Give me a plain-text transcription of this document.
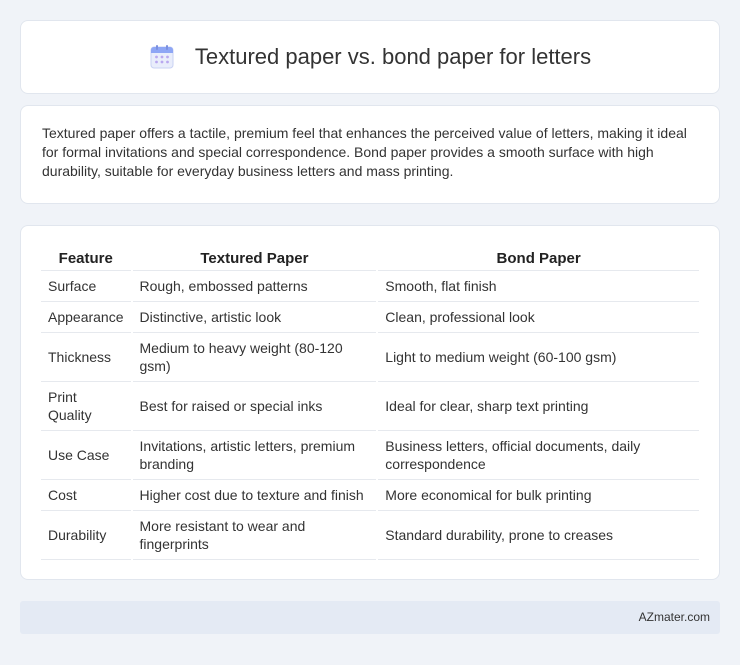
Textured paper vs. bond paper for letters

Textured paper offers a tactile, premium feel that enhances the perceived value of letters, making it ideal for formal invitations and special correspondence. Bond paper provides a smooth surface with high durability, suitable for everyday business letters and mass printing.

Feature	Textured Paper	Bond Paper
Surface	Rough, embossed patterns	Smooth, flat finish
Appearance	Distinctive, artistic look	Clean, professional look
Thickness	Medium to heavy weight (80-120 gsm)	Light to medium weight (60-100 gsm)
Print Quality	Best for raised or special inks	Ideal for clear, sharp text printing
Use Case	Invitations, artistic letters, premium branding	Business letters, official documents, daily correspondence
Cost	Higher cost due to texture and finish	More economical for bulk printing
Durability	More resistant to wear and fingerprints	Standard durability, prone to creases
AZmater.com
